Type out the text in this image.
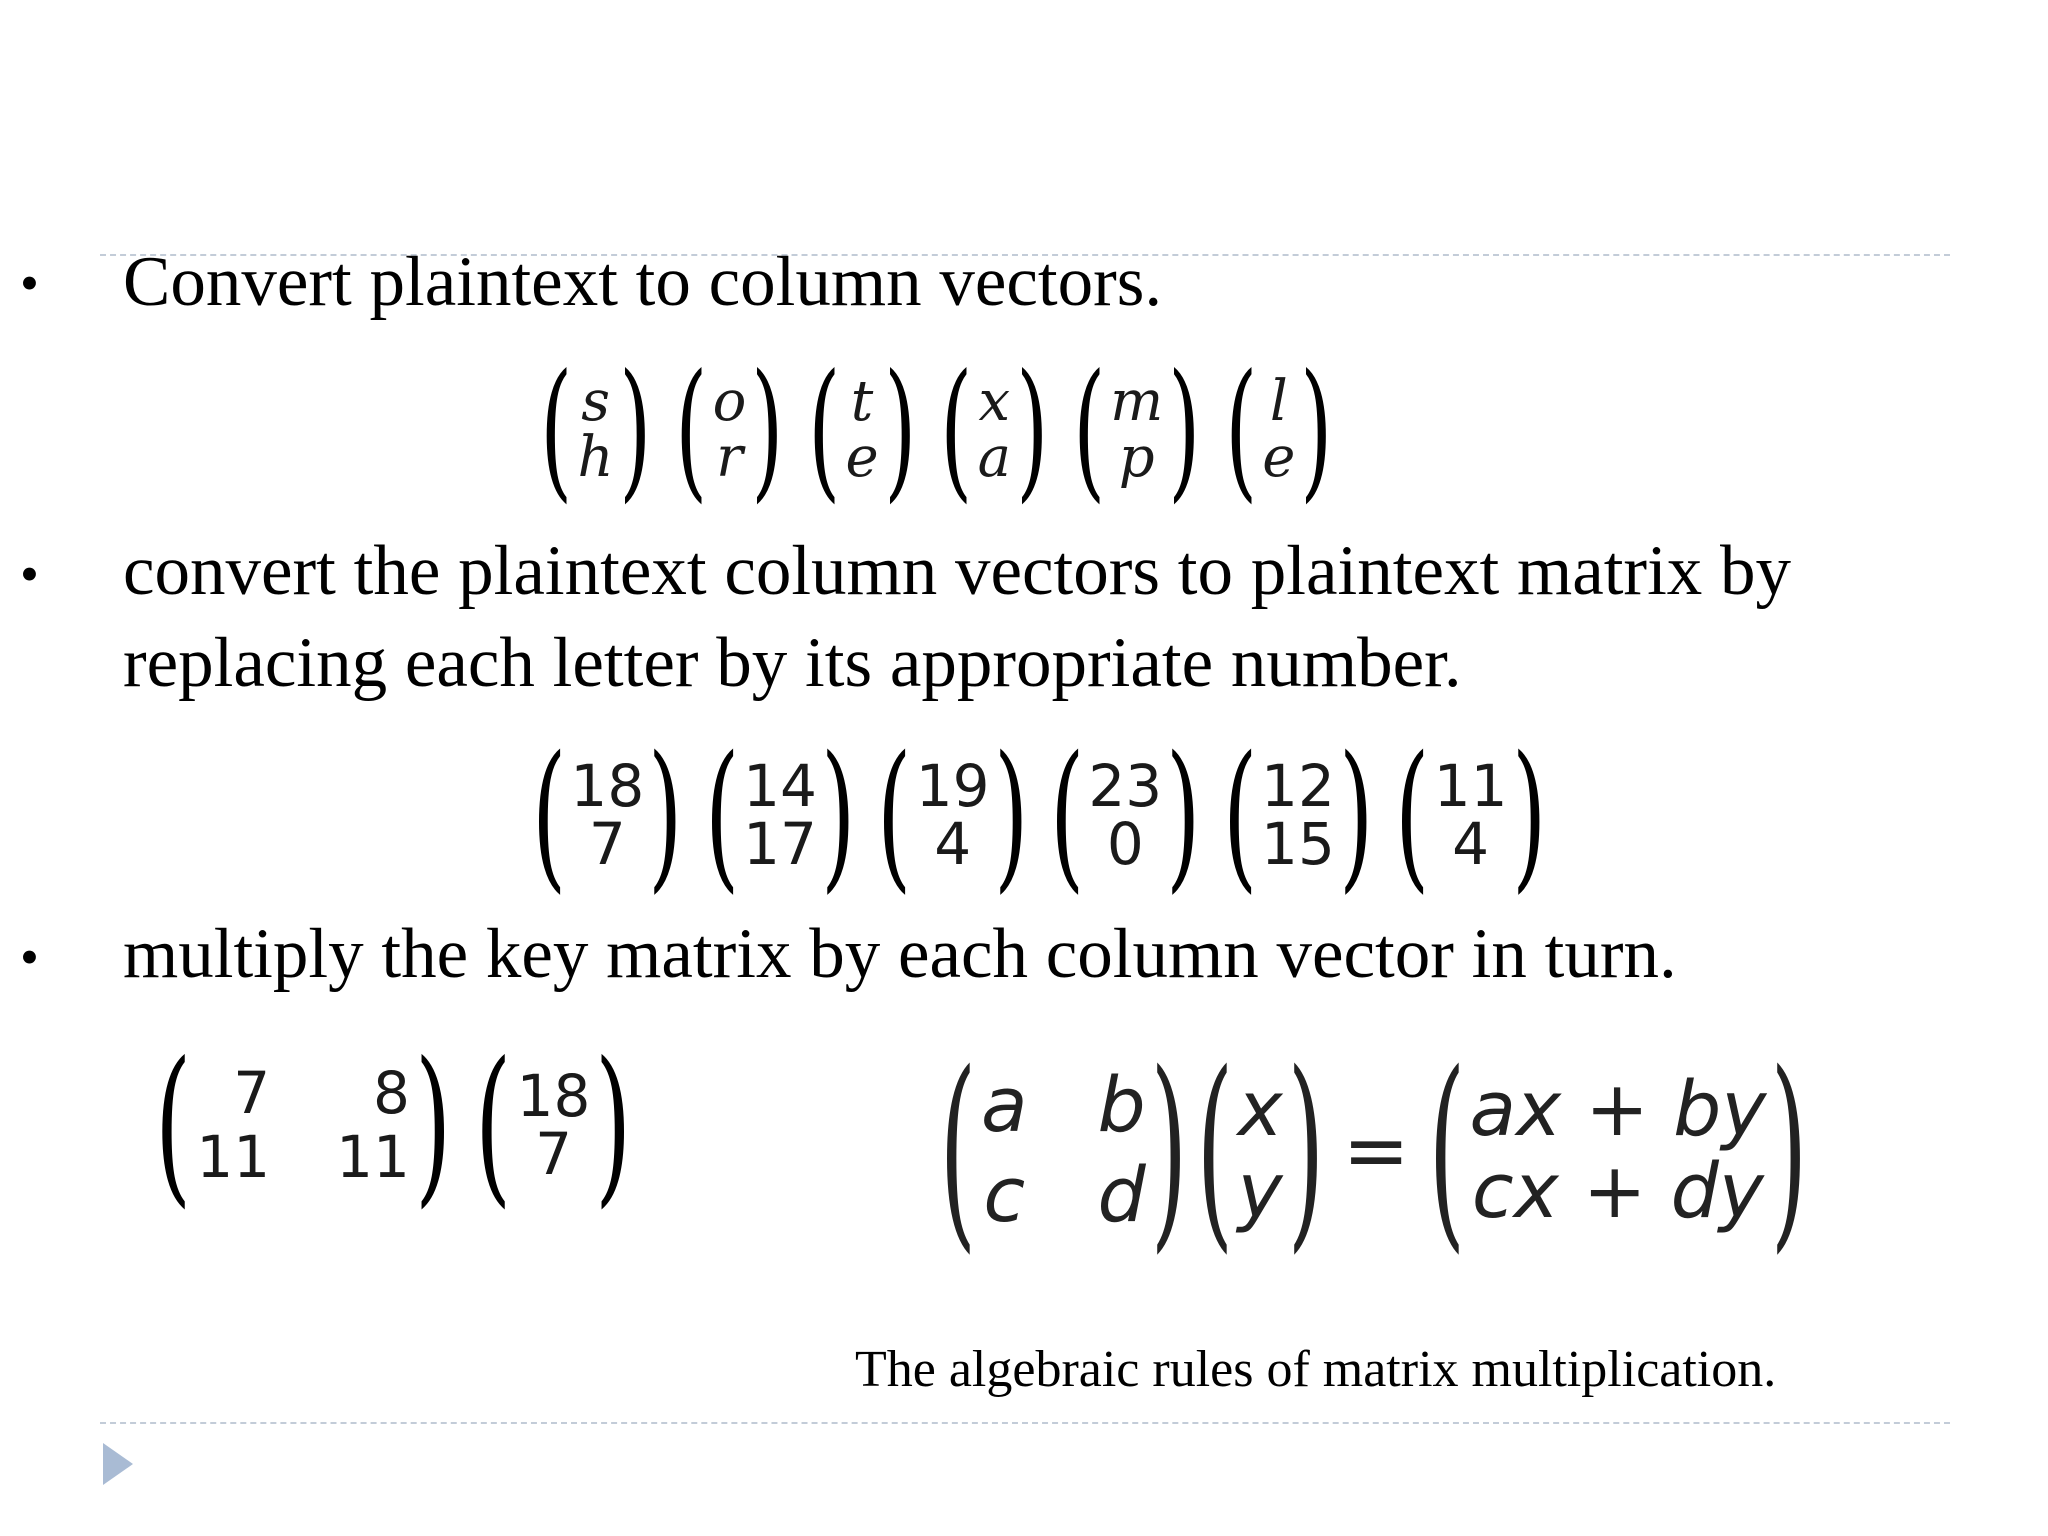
• Convert plaintext to column vectors.
( s
h ) ( o
r ) ( t
e ) ( x
a ) ( m
p ) ( l
e )
• convert the plaintext column vectors to plaintext matrix by replacing each letter by its appropriate number.
( 18
7 ) ( 14
17 ) ( 19
4 ) ( 23
0 ) ( 12
15 ) ( 11
4 )
• multiply the key matrix by each column vector in turn.
( 7 8
11 11 ) ( 18
7 ) ( a b
c d ) ( x
y ) = ( ax + by
cx + dy )
The algebraic rules of matrix multiplication.
